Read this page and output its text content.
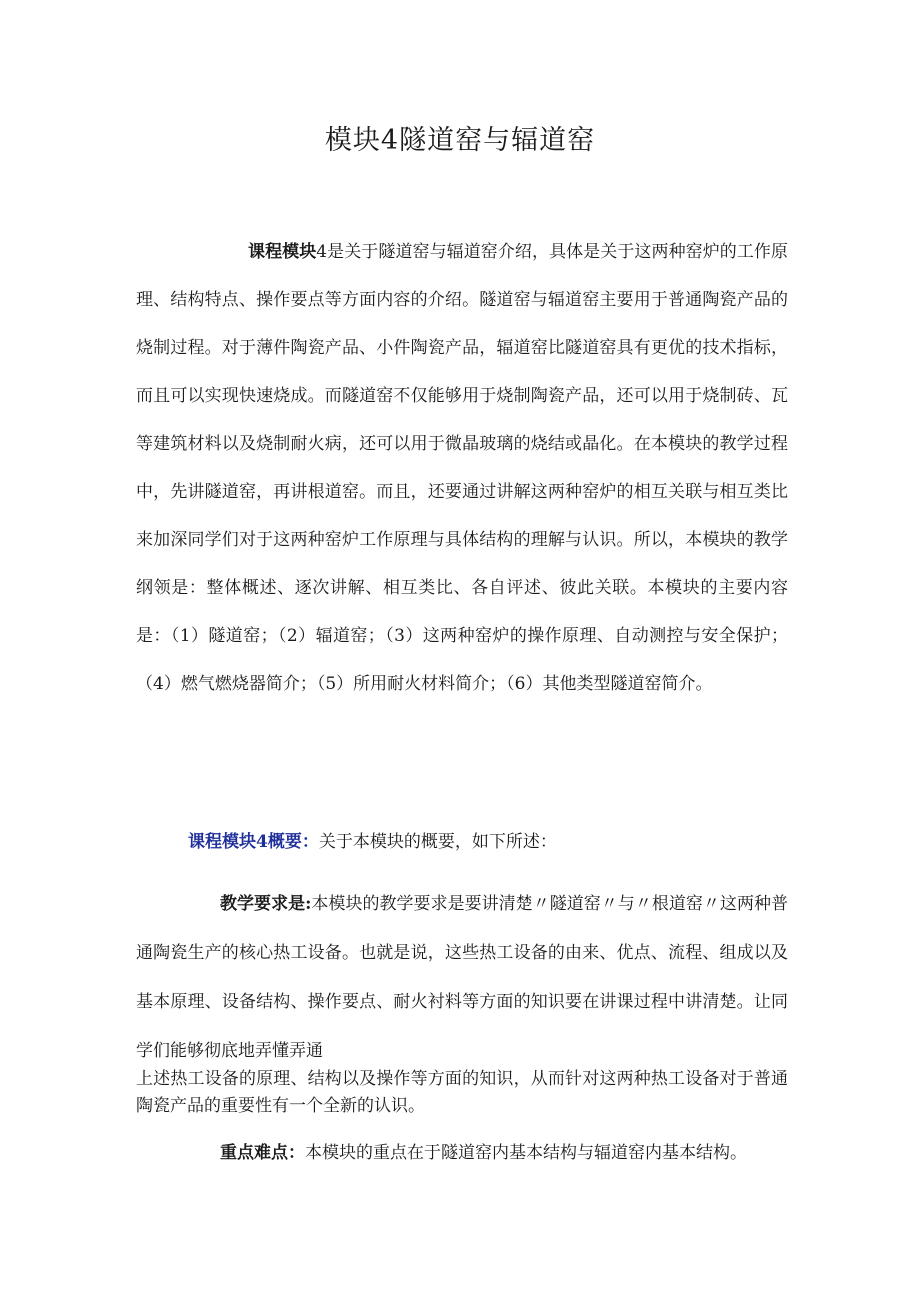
模块4隧道窑与辐道窑

课程模块4是关于隧道窑与辐道窑介绍，具体是关于这两种窑炉的工作原理、结构特点、操作要点等方面内容的介绍。隧道窑与辐道窑主要用于普通陶瓷产品的烧制过程。对于薄件陶瓷产品、小件陶瓷产品，辐道窑比隧道窑具有更优的技术指标，而且可以实现快速烧成。而隧道窑不仅能够用于烧制陶瓷产品，还可以用于烧制砖、瓦等建筑材料以及烧制耐火病，还可以用于微晶玻璃的烧结或晶化。在本模块的教学过程中，先讲隧道窑，再讲根道窑。而且，还要通过讲解这两种窑炉的相互关联与相互类比来加深同学们对于这两种窑炉工作原理与具体结构的理解与认识。所以，本模块的教学纲领是：整体概述、逐次讲解、相互类比、各自评述、彼此关联。本模块的主要内容是：（1）隧道窑；（2）辐道窑；（3）这两种窑炉的操作原理、自动测控与安全保护；（4）燃气燃烧器简介；（5）所用耐火材料简介；（6）其他类型隧道窑简介。

课程模块4概要：关于本模块的概要，如下所述：

教学要求是:本模块的教学要求是要讲清楚〃隧道窑〃与〃根道窑〃这两种普通陶瓷生产的核心热工设备。也就是说，这些热工设备的由来、优点、流程、组成以及基本原理、设备结构、操作要点、耐火衬料等方面的知识要在讲课过程中讲清楚。让同学们能够彻底地弄懂弄通

上述热工设备的原理、结构以及操作等方面的知识，从而针对这两种热工设备对于普通陶瓷产品的重要性有一个全新的认识。

重点难点：本模块的重点在于隧道窑内基本结构与辐道窑内基本结构。
